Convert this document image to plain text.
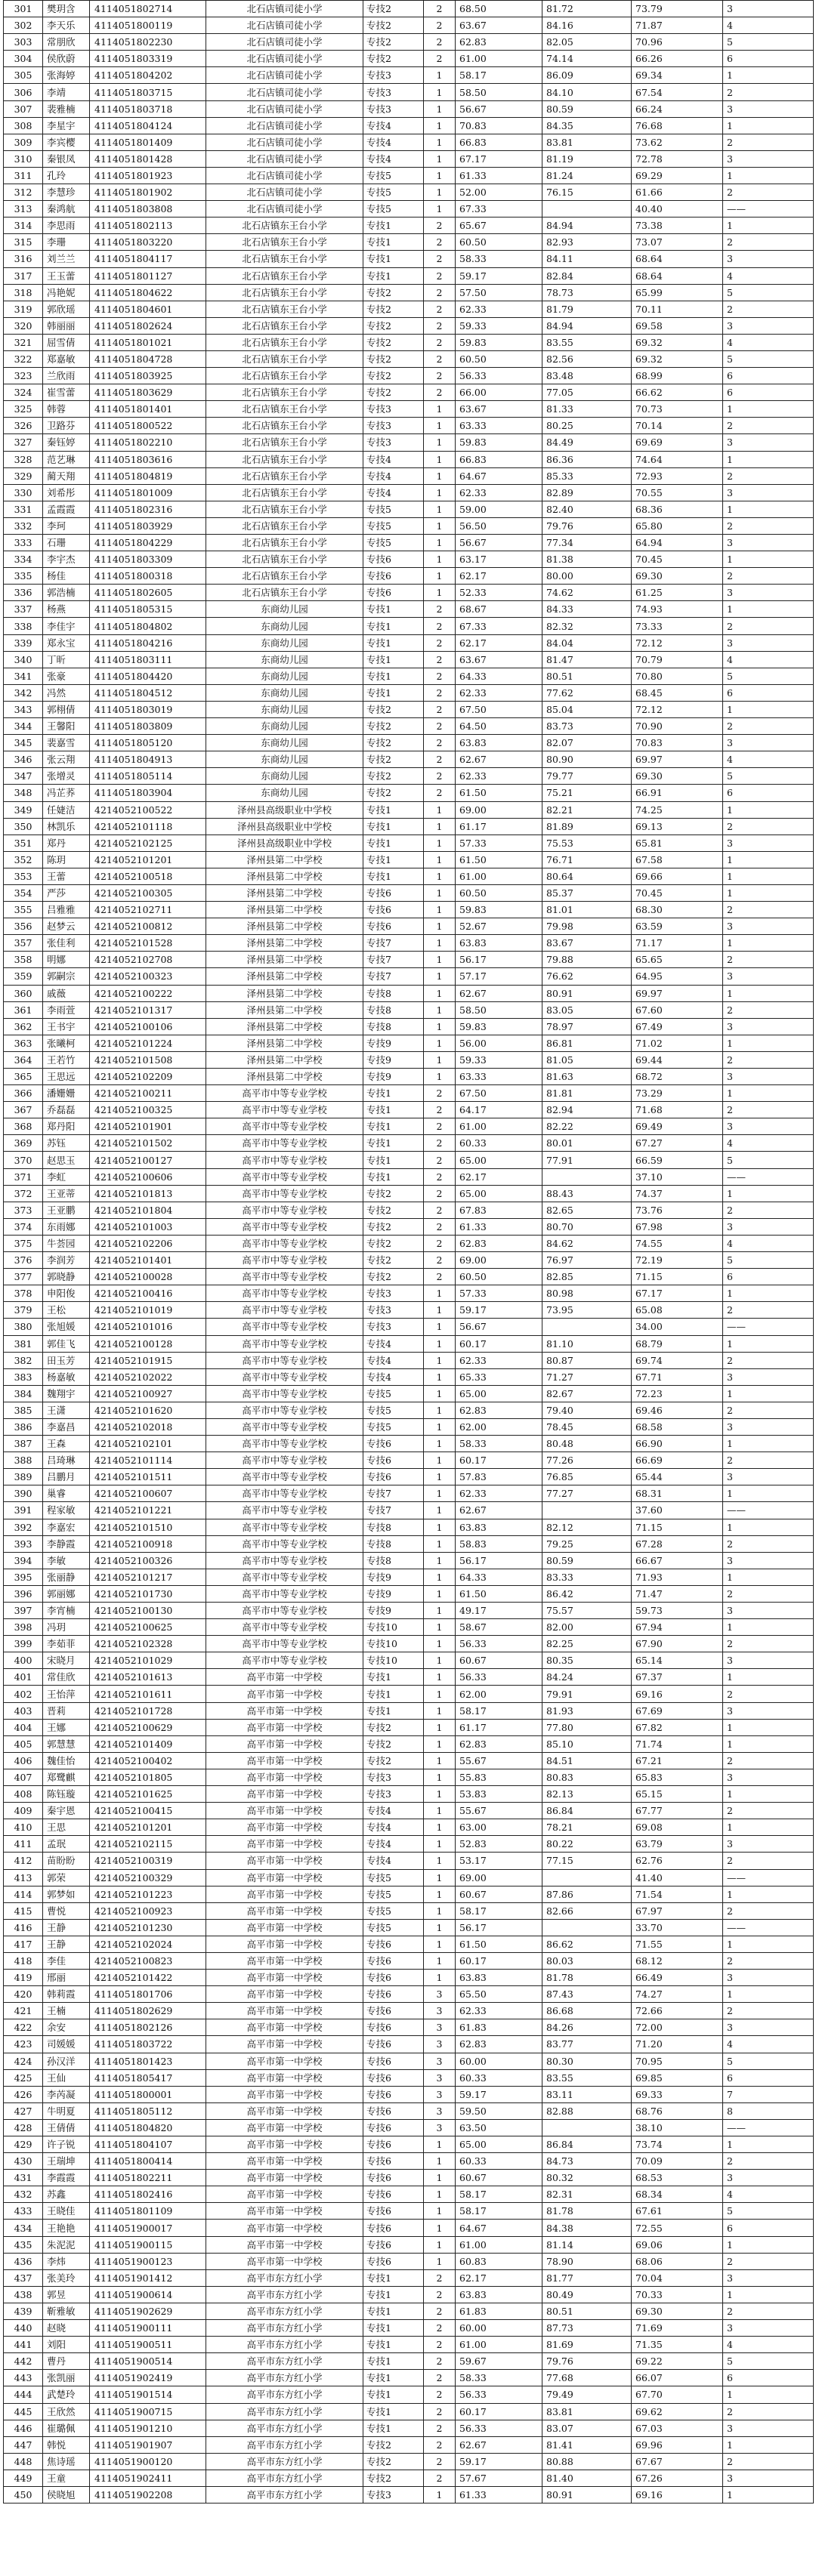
301	樊玥含	4114051802714	北石店镇司徒小学	专技2	2	68.50	81.72	73.79	3
302	李天乐	4114051800119	北石店镇司徒小学	专技2	2	63.67	84.16	71.87	4
303	常朋欣	4114051802230	北石店镇司徒小学	专技2	2	62.83	82.05	70.96	5
304	侯欣蔚	4114051803319	北石店镇司徒小学	专技2	2	61.00	74.14	66.26	6
305	张海婷	4114051804202	北石店镇司徒小学	专技3	1	58.17	86.09	69.34	1
306	李靖	4114051803715	北石店镇司徒小学	专技3	1	58.50	84.10	67.54	2
307	裴雅楠	4114051803718	北石店镇司徒小学	专技3	1	56.67	80.59	66.24	3
308	李星宇	4114051804124	北石店镇司徒小学	专技4	1	70.83	84.35	76.68	1
309	李宾樱	4114051801409	北石店镇司徒小学	专技4	1	66.83	83.81	73.62	2
310	秦银凤	4114051801428	北石店镇司徒小学	专技4	1	67.17	81.19	72.78	3
311	孔玲	4114051801923	北石店镇司徒小学	专技5	1	61.33	81.24	69.29	1
312	李慧珍	4114051801902	北石店镇司徒小学	专技5	1	52.00	76.15	61.66	2
313	秦鸿航	4114051803808	北石店镇司徒小学	专技5	1	67.33		40.40	——
314	李思雨	4114051802113	北石店镇东王台小学	专技1	2	65.67	84.94	73.38	1
315	李珊	4114051803220	北石店镇东王台小学	专技1	2	60.50	82.93	73.07	2
316	刘兰兰	4114051804117	北石店镇东王台小学	专技1	2	58.33	84.11	68.64	3
317	王玉蕾	4114051801127	北石店镇东王台小学	专技1	2	59.17	82.84	68.64	4
318	冯艳妮	4114051804622	北石店镇东王台小学	专技2	2	57.50	78.73	65.99	5
319	郭欣瑶	4114051804601	北石店镇东王台小学	专技2	2	62.33	81.79	70.11	2
320	韩丽丽	4114051802624	北石店镇东王台小学	专技2	2	59.33	84.94	69.58	3
321	屈雪倩	4114051801021	北石店镇东王台小学	专技2	2	59.83	83.55	69.32	4
322	郑嘉敏	4114051804728	北石店镇东王台小学	专技2	2	60.50	82.56	69.32	5
323	兰欣雨	4114051803925	北石店镇东王台小学	专技2	2	56.33	83.48	68.99	6
324	崔雪蕾	4114051803629	北石店镇东王台小学	专技2	2	66.00	77.05	66.62	6
325	韩蓉	4114051801401	北石店镇东王台小学	专技3	1	63.67	81.33	70.73	1
326	卫路芬	4114051800522	北石店镇东王台小学	专技3	1	63.33	80.25	70.14	2
327	秦钰婷	4114051802210	北石店镇东王台小学	专技3	1	59.83	84.49	69.69	3
328	范艺琳	4114051803616	北石店镇东王台小学	专技4	1	66.83	86.36	74.64	1
329	蔺天翔	4114051804819	北石店镇东王台小学	专技4	1	64.67	85.33	72.93	2
330	刘希彤	4114051801009	北石店镇东王台小学	专技4	1	62.33	82.89	70.55	3
331	孟霞霞	4114051802316	北石店镇东王台小学	专技5	1	59.00	82.40	68.36	1
332	李珂	4114051803929	北石店镇东王台小学	专技5	1	56.50	79.76	65.80	2
333	石珊	4114051804229	北石店镇东王台小学	专技5	1	56.67	77.34	64.94	3
334	李宇杰	4114051803309	北石店镇东王台小学	专技6	1	63.17	81.38	70.45	1
335	杨佳	4114051800318	北石店镇东王台小学	专技6	1	62.17	80.00	69.30	2
336	郭浩楠	4114051802605	北石店镇东王台小学	专技6	1	52.33	74.62	61.25	3
337	杨燕	4114051805315	东商幼儿园	专技1	2	68.67	84.33	74.93	1
338	李佳宇	4114051804802	东商幼儿园	专技1	2	67.33	82.32	73.33	2
339	郑永宝	4114051804216	东商幼儿园	专技1	2	62.17	84.04	72.12	3
340	丁昕	4114051803111	东商幼儿园	专技1	2	63.67	81.47	70.79	4
341	张豪	4114051804420	东商幼儿园	专技1	2	64.33	80.51	70.80	5
342	冯然	4114051804512	东商幼儿园	专技1	2	62.33	77.62	68.45	6
343	郭栩倩	4114051803019	东商幼儿园	专技2	2	67.50	85.04	72.12	1
344	王馨阳	4114051803809	东商幼儿园	专技2	2	64.50	83.73	70.90	2
345	裴嘉雪	4114051805120	东商幼儿园	专技2	2	63.83	82.07	70.83	3
346	张云翔	4114051804913	东商幼儿园	专技2	2	62.67	80.90	69.97	4
347	张增灵	4114051805114	东商幼儿园	专技2	2	62.33	79.77	69.30	5
348	冯芷荞	4114051803904	东商幼儿园	专技2	2	61.50	75.21	66.91	6
349	任婕洁	4214052100522	泽州县高级职业中学校	专技1	1	69.00	82.21	74.25	1
350	林凯乐	4214052101118	泽州县高级职业中学校	专技1	1	61.17	81.89	69.13	2
351	郑丹	4214052102125	泽州县高级职业中学校	专技1	1	57.33	75.53	65.81	3
352	陈玥	4214052101201	泽州县第二中学校	专技1	1	61.50	76.71	67.58	1
353	王蕾	4214052100518	泽州县第二中学校	专技1	1	61.00	80.64	69.66	1
354	严莎	4214052100305	泽州县第二中学校	专技6	1	60.50	85.37	70.45	1
355	吕雅雅	4214052102711	泽州县第二中学校	专技6	1	59.83	81.01	68.30	2
356	赵梦云	4214052100812	泽州县第二中学校	专技6	1	52.67	79.98	63.59	3
357	张佳利	4214052101528	泽州县第二中学校	专技7	1	63.83	83.67	71.17	1
358	明娜	4214052102708	泽州县第二中学校	专技7	1	56.17	79.88	65.65	2
359	郭嗣宗	4214052100323	泽州县第二中学校	专技7	1	57.17	76.62	64.95	3
360	戚薇	4214052100222	泽州县第二中学校	专技8	1	62.67	80.91	69.97	1
361	李雨萱	4214052101317	泽州县第二中学校	专技8	1	58.50	83.05	67.60	2
362	王书宇	4214052100106	泽州县第二中学校	专技8	1	59.83	78.97	67.49	3
363	张曦柯	4214052101224	泽州县第二中学校	专技9	1	56.00	86.81	71.02	1
364	王若竹	4214052101508	泽州县第二中学校	专技9	1	59.33	81.05	69.44	2
365	王思远	4214052102209	泽州县第二中学校	专技9	1	63.33	81.63	68.72	3
366	潘姗姗	4214052100211	高平市中等专业学校	专技1	2	67.50	81.81	73.29	1
367	乔磊磊	4214052100325	高平市中等专业学校	专技1	2	64.17	82.94	71.68	2
368	郑丹阳	4214052101901	高平市中等专业学校	专技1	2	61.00	82.22	69.49	3
369	苏钰	4214052101502	高平市中等专业学校	专技1	2	60.33	80.01	67.27	4
370	赵思玉	4214052100127	高平市中等专业学校	专技1	2	65.00	77.91	66.59	5
371	李虹	4214052100606	高平市中等专业学校	专技1	2	62.17		37.10	——
372	王亚蒂	4214052101813	高平市中等专业学校	专技2	2	65.00	88.43	74.37	1
373	王亚鹏	4214052101804	高平市中等专业学校	专技2	2	67.83	82.65	73.76	2
374	东雨娜	4214052101003	高平市中等专业学校	专技2	2	61.33	80.70	67.98	3
375	牛荟园	4214052102206	高平市中等专业学校	专技2	2	62.83	84.62	74.55	4
376	李润芳	4214052101401	高平市中等专业学校	专技2	2	69.00	76.97	72.19	5
377	郭晓静	4214052100028	高平市中等专业学校	专技2	2	60.50	82.85	71.15	6
378	申阳俊	4214052100416	高平市中等专业学校	专技3	1	57.33	80.98	67.17	1
379	王松	4214052101019	高平市中等专业学校	专技3	1	59.17	73.95	65.08	2
380	张旭媛	4214052101016	高平市中等专业学校	专技3	1	56.67		34.00	——
381	郭佳飞	4214052100128	高平市中等专业学校	专技4	1	60.17	81.10	68.79	1
382	田玉芳	4214052101915	高平市中等专业学校	专技4	1	62.33	80.87	69.74	2
383	杨嘉敏	4214052102022	高平市中等专业学校	专技4	1	65.33	71.27	67.71	3
384	魏翔宇	4214052100927	高平市中等专业学校	专技5	1	65.00	82.67	72.23	1
385	王潇	4214052101620	高平市中等专业学校	专技5	1	62.83	79.40	69.46	2
386	李嘉昌	4214052102018	高平市中等专业学校	专技5	1	62.00	78.45	68.58	3
387	王森	4214052102101	高平市中等专业学校	专技6	1	58.33	80.48	66.90	1
388	吕琦琳	4214052101114	高平市中等专业学校	专技6	1	60.17	77.26	66.69	2
389	吕鹏月	4214052101511	高平市中等专业学校	专技6	1	57.83	76.85	65.44	3
390	巢睿	4214052100607	高平市中等专业学校	专技7	1	62.33	77.27	68.31	1
391	程家敏	4214052101221	高平市中等专业学校	专技7	1	62.67		37.60	——
392	李嘉宏	4214052101510	高平市中等专业学校	专技8	1	63.83	82.12	71.15	1
393	李静霞	4214052100918	高平市中等专业学校	专技8	1	58.83	79.25	67.28	2
394	李敏	4214052100326	高平市中等专业学校	专技8	1	56.17	80.59	66.67	3
395	张丽静	4214052101217	高平市中等专业学校	专技9	1	64.33	83.33	71.93	1
396	郭丽娜	4214052101730	高平市中等专业学校	专技9	1	61.50	86.42	71.47	2
397	李宵楠	4214052100130	高平市中等专业学校	专技9	1	49.17	75.57	59.73	3
398	冯玥	4214052100625	高平市中等专业学校	专技10	1	58.67	82.00	67.94	1
399	李茹菲	4214052102328	高平市中等专业学校	专技10	1	56.33	82.25	67.90	2
400	宋晓月	4214052101029	高平市中等专业学校	专技10	1	60.67	80.35	65.14	3
401	常佳欣	4214052101613	高平市第一中学校	专技1	1	56.33	84.24	67.37	1
402	王怡萍	4214052101611	高平市第一中学校	专技1	1	62.00	79.91	69.16	2
403	晋莉	4214052101728	高平市第一中学校	专技1	1	58.17	81.93	67.69	3
404	王娜	4214052100629	高平市第一中学校	专技2	1	61.17	77.80	67.82	1
405	郭慧慧	4214052101409	高平市第一中学校	专技2	1	62.83	85.10	71.74	1
406	魏佳怡	4214052100402	高平市第一中学校	专技2	1	55.67	84.51	67.21	2
407	郑鹭麒	4214052101805	高平市第一中学校	专技3	1	55.83	80.83	65.83	3
408	陈钰璇	4214052101625	高平市第一中学校	专技3	1	53.83	82.13	65.15	1
409	秦宇恩	4214052100415	高平市第一中学校	专技4	1	55.67	86.84	67.77	2
410	王思	4214052101201	高平市第一中学校	专技4	1	63.00	78.21	69.08	1
411	孟珉	4214052102115	高平市第一中学校	专技4	1	52.83	80.22	63.79	3
412	苗盼盼	4214052100319	高平市第一中学校	专技4	1	53.17	77.15	62.76	2
413	郭荣	4214052100329	高平市第一中学校	专技5	1	69.00		41.40	——
414	郭梦如	4214052101223	高平市第一中学校	专技5	1	60.67	87.86	71.54	1
415	曹悦	4214052100923	高平市第一中学校	专技5	1	58.17	82.66	67.97	2
416	王静	4214052101230	高平市第一中学校	专技5	1	56.17		33.70	——
417	王静	4214052102024	高平市第一中学校	专技6	1	61.50	86.62	71.55	1
418	李佳	4214052100823	高平市第一中学校	专技6	1	60.17	80.03	68.12	2
419	邢丽	4214052101422	高平市第一中学校	专技6	1	63.83	81.78	66.49	3
420	韩莉霞	4114051801706	高平市第一中学校	专技6	3	65.50	87.43	74.27	1
421	王楠	4114051802629	高平市第一中学校	专技6	3	62.33	86.68	72.66	2
422	余安	4114051802126	高平市第一中学校	专技6	3	61.83	84.26	72.00	3
423	司媛媛	4114051803722	高平市第一中学校	专技6	3	62.83	83.77	71.20	4
424	孙汉洋	4114051801423	高平市第一中学校	专技6	3	60.00	80.30	70.95	5
425	王仙	4114051805417	高平市第一中学校	专技6	3	60.33	83.55	69.85	6
426	李芮凝	4114051800001	高平市第一中学校	专技6	3	59.17	83.11	69.33	7
427	牛明夏	4114051805112	高平市第一中学校	专技6	3	59.50	82.88	68.76	8
428	王倩倩	4114051804820	高平市第一中学校	专技6	3	63.50		38.10	——
429	许子锐	4114051804107	高平市第一中学校	专技6	1	65.00	86.84	73.74	1
430	王瑞坤	4114051800414	高平市第一中学校	专技6	1	60.33	84.73	70.09	2
431	李霞霞	4114051802211	高平市第一中学校	专技6	1	60.67	80.32	68.53	3
432	苏鑫	4114051802416	高平市第一中学校	专技6	1	58.17	82.31	68.34	4
433	王晓佳	4114051801109	高平市第一中学校	专技6	1	58.17	81.78	67.61	5
434	王艳艳	4114051900017	高平市第一中学校	专技6	1	64.67	84.38	72.55	6
435	朱泥泥	4114051900115	高平市第一中学校	专技6	1	61.00	81.14	69.06	1
436	李炜	4114051900123	高平市第一中学校	专技6	1	60.83	78.90	68.06	2
437	张美玲	4114051901412	高平市东方红小学	专技1	2	62.17	81.77	70.04	3
438	郭昱	4114051900614	高平市东方红小学	专技1	2	63.83	80.49	70.33	1
439	靳雅敏	4114051902629	高平市东方红小学	专技1	2	61.83	80.51	69.30	2
440	赵晓	4114051900111	高平市东方红小学	专技1	2	60.00	87.73	71.69	3
441	刘阳	4114051900511	高平市东方红小学	专技1	2	61.00	81.69	71.35	4
442	曹丹	4114051900514	高平市东方红小学	专技1	2	59.67	79.76	69.22	5
443	张凯丽	4114051902419	高平市东方红小学	专技1	2	58.33	77.68	66.07	6
444	武楚玲	4114051901514	高平市东方红小学	专技1	2	56.33	79.49	67.70	1
445	王欣然	4114051900715	高平市东方红小学	专技1	2	60.17	83.81	69.62	2
446	崔璐佩	4114051901210	高平市东方红小学	专技1	2	56.33	83.07	67.03	3
447	韩悦	4114051901907	高平市东方红小学	专技2	2	62.67	81.41	69.96	1
448	焦诗瑶	4114051900120	高平市东方红小学	专技2	2	59.17	80.88	67.67	2
449	王童	4114051902411	高平市东方红小学	专技2	2	57.67	81.40	67.26	3
450	侯晓旭	4114051902208	高平市东方红小学	专技3	1	61.33	80.91	69.16	1
